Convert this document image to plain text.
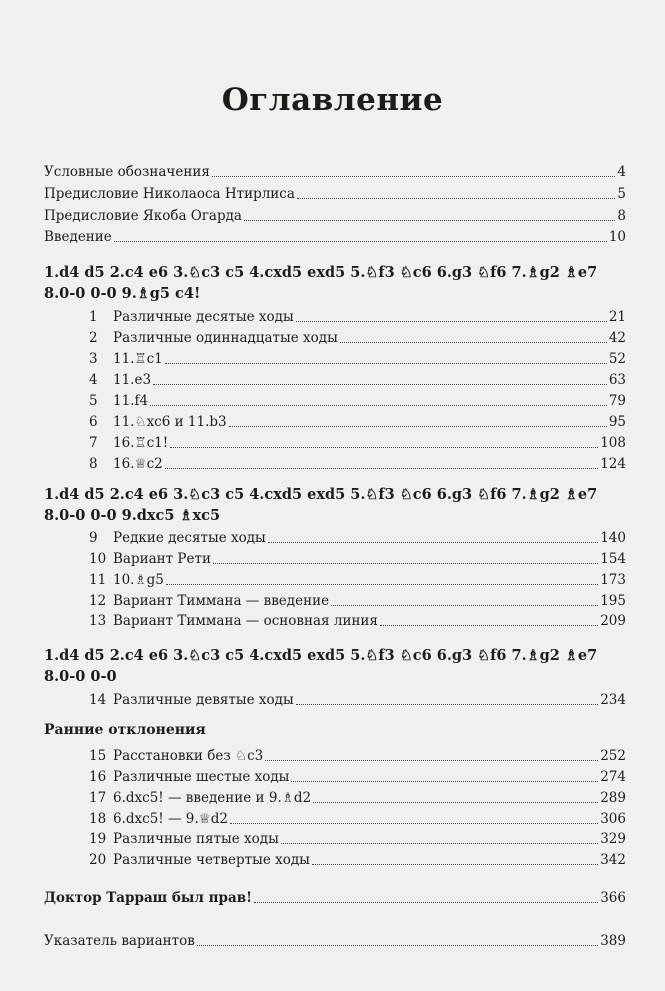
Оглавление
Условные обозначения	4
Предисловие Николаоса Нтирлиса	5
Предисловие Якоба Огарда	8
Введение	10
1.d4 d5 2.c4 e6 3.♘c3 c5 4.cxd5 exd5 5.♘f3 ♘c6 6.g3 ♘f6 7.♗g2 ♗e7
8.0-0 0-0 9.♗g5 c4!
1	Различные десятые ходы	21
2	Различные одиннадцатые ходы	42
3	11.♖c1	52
4	11.e3	63
5	11.f4	79
6	11.♘xc6 и 11.b3	95
7	16.♖c1!	108
8	16.♕c2	124
1.d4 d5 2.c4 e6 3.♘c3 c5 4.cxd5 exd5 5.♘f3 ♘c6 6.g3 ♘f6 7.♗g2 ♗e7
8.0-0 0-0 9.dxc5 ♗xc5
9	Редкие десятые ходы	140
10 Вариант Рети	154
11 10.♗g5	173
12 Вариант Тиммана — введение	195
13 Вариант Тиммана — основная линия	209
1.d4 d5 2.c4 e6 3.♘c3 c5 4.cxd5 exd5 5.♘f3 ♘c6 6.g3 ♘f6 7.♗g2 ♗e7
8.0-0 0-0
14 Различные девятые ходы	234
Ранние отклонения
15 Расстановки без ♘c3	252
16 Различные шестые ходы	274
17 6.dxc5! — введение и 9.♗d2	289
18 6.dxc5! — 9.♕d2	306
19 Различные пятые ходы	329
20 Различные четвертые ходы	342
Доктор Тарраш был прав!	366
Указатель вариантов	389
